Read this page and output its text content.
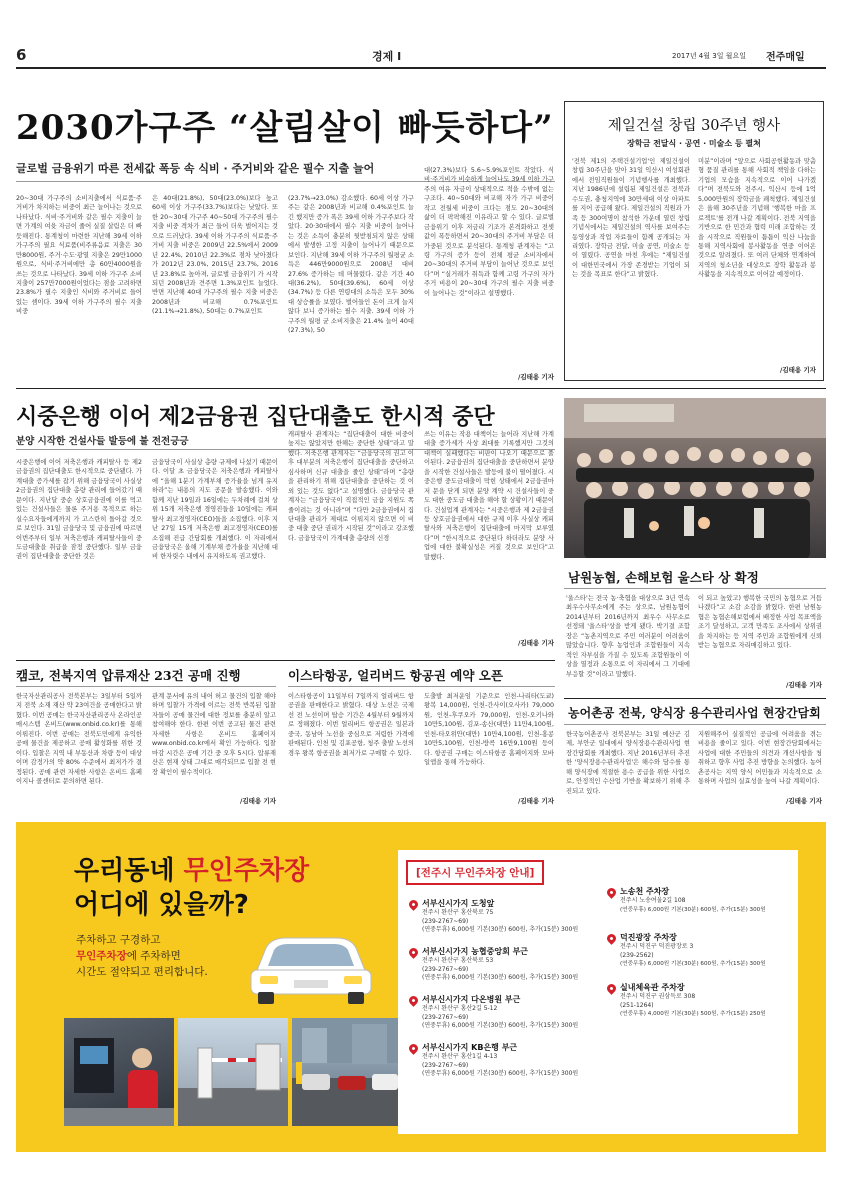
6	경제 I	2017년 4월 3일 월요일 전주매일
2030가구주 “살림살이 빠듯하다”
글로벌 금융위기 따른 전세값 폭등 속 식비 · 주거비와 같은 필수 지출 늘어
20~30대 가구주의 소비지출에서 식료품·주거비가 차지하는 비중이 최근 늘어나는 것으로 나타났다. 식비·주거비와 같은 필수 지출이 늘면 가계의 여윳 자금이 줄어 실질 살림은 더 빠듯해진다. 통계청이 마련한 지난해 39세 이하 가구주의 필요 식료품(비주류음료 지출은 30만8000원, 주거·수도·광열 지출은 29만1000원으로, 식비·주거비에만 총 60만4000원을 쓰는 것으로 나타났다. 39세 이하 가구주 소비지출이 257만7000원이었다는 점을 고려하면 23.8%가 필수 지출인 식비와 주거비로 들어 있는 셈이다. 39세 이하 가구주의 필수 지출 비중
은 40대(21.8%), 50대(23.0%)보다 높고 60세 이상 가구주(33.7%)보다는 낮았다. 또한 20~30대 가구주 40~50대 가구주의 필수 지출 비중 격차가 최근 들어 더욱 벌어지는 것으로 드러났다. 39세 이하 가구주의 식료품·주거비 지출 비중은 2009년 22.5%에서 2009년 22.4%, 2010년 22.3%로 점차 낮아졌다가 2012년 23.0%, 2015년 23.7%, 2016년 23.8%로 높아져, 글로벌 금융위기 가 시작되던 2008년과 견주면 1.3%포인트 늘었다. 반면 지난해 40대 가구주의 필수 지출 비중은 2008년과 비교해 0.7%포인트(21.1%→21.8%), 50대는 0.7%포인트
(23.7%→23.0%) 감소했다. 60세 이상 가구주는 같은 2008년과 비교해 0.4%포인트 늘긴 했지만 증가 폭은 39세 이하 가구주보다 작았다. 20·30대에서 필수 지출 비중이 늘어나는 것은 소득이 충분히 뒷받침되지 않은 상태에서 발생한 고정 지출이 늘어나기 때문으로 보인다. 지난해 39세 이하 가구주의 월평균 소득은 446만9000원으로 2008년 대비 27.6% 증가하는 데 머물렀다. 같은 기간 40대(36.2%), 50대(39.6%), 60세 이상(34.7%) 등 다른 연령대의 소득은 모두 30%대 상승률을 보였다. 벌어들인 돈이 크게 늘지 않다 보니 증가하는 필수 지출. 39세 이하 가구주의 월평 균 소비지출은 21.4% 늘어 40대(27.3%), 50
대(27.3%)보다 5.6~5.9%포인트 작았다. 식비·주거비가 비슷하게 늘어나도 39세 이하 가구주의 여유 자금이 상대적으로 적을 수밖에 없는 구조다. 40~50대와 비교해 자가 가구 비중이 작고 전월세 비중이 크다는 점도 20~30대의 삶이 더 팍팍해진 이유라고 할 수 있다. 글로벌 금융위기 이후 저금리 기조가 본격화하고 전셋값이 폭등하면서 20~30대의 주거비 부담은 더 가중된 것으로 분석된다. 통계청 관계자는 “고령 가구의 증가 등이 전체 평균 소비자에서 20~30대의 주거비 부담이 늘어난 것으로 보인다”며 “실거래가 취득과 함께 고령 가구의 자가 주거 비용이 20~30대 가구의 필수 지출 비중이 늘어나는 것”이라고 설명했다.
/김태용 기자
제일건설 창립 30주년 행사
장학금 전달식 · 공연 · 미술소 등 펼쳐
'전북 제1의 주택건설기업'인 제일건설이 창립 30주년을 맞아 31일 익산시 여성회관에서 전임직원들이 기념행사를 개최했다. 지난 1986년에 설립된 제일건설은 전북과 수도권, 충청지역에 30만세대 이상 아파트를 지어 공급해 왔다. 제일건설의 직원과 가족 등 300여명이 참석한 가운데 열린 창립 기념식에서는 제일건설의 역사를 보여주는 동영상과 작업 자료들이 함께 공개되는 자리였다. 장학금 전달, 미술 공연, 미술소 등이 열렸다. 공연을 마친 후에는 “제일건설이 대한민국에서 가장 존경받는 기업이 되는 것을 목표로 한다”고 밝혔다.
미분”이라며 “앞으로 사회공헌활동과 맞춤형 품질 관리를 통해 사회적 책임을 다하는 기업의 모습을 지속적으로 이어 나가겠다”며 전북도와 전주시, 익산시 등에 1억5,000만원의 장학금을 쾌척했다. 제일건설은 올해 30주년을 기념해 '행복한 마을 프로젝트'를 전개 나갈 계획이다. 전북 지역을 기반으로 한 민간과 협력 미래 조합하는 것을 시작으로 직원들이 틈틈이 익산 나눔을 통해 지역사회에 봉사활동을 연중 이어온 것으로 알려졌다. 또 여러 단체와 연계하여 지역의 청소년을 대상으로 장학 활동과 봉사활동을 지속적으로 이어갈 예정이다.
/김태용 기자
시중은행 이어 제2금융권 집단대출도 한시적 중단
분양 시작한 건설사들 발등에 불 전전긍긍
시중은행에 이어 저축은행과 캐피탈사 등 제2금융권의 집단대출도 한시적으로 중단됐다. 가계대출 증가세를 잡기 위해 금융당국이 사실상 2금융권의 집단대출 총량 관리에 들어갔기 때문이다. 지난달 중순 상호금융권에 이를 먹고 있는 건설사들은 물론 주거용 목적으로 하는 실수요자들에게까지 가 고스란히 돌아갈 것으로 보인다. 31일 금융당국 및 금융권에 따르면 이번주부터 일부 저축은행과 캐피탈사들이 중도금대출을 취급을 잠정 중단했다. 일부 금융권이 집단대출을 중단한 것은
금융당국이 사실상 총량 규제에 나섰기 때문이다. 이달 초 금융당국은 저축은행과 캐피탈사에 “올해 1분기 가계부채 증가율을 넘게 유지하라”는 내용의 지도 공문을 발송했다. 이와 함께 지난 19일과 16일에는 두차례에 걸쳐 상위 15개 저축은행 경영진들을 10일에는 캐피탈사 최고경영자(CEO)들을 소집했다. 이후 지난 27일 15개 저축은행 최고경영자(CEO)를 소집해 진급 간담회를 개최했다. 이 자리에서 금융당국은 올해 기계부채 증가율을 지난해 대비 한자릿수 내에서 유지하도록 권고했다.
캐피탈사 관계자는 “집단대출이 대한 비중이 높지는 않았지만 한해는 중단한 상태”라고 말했다. 저축은행 관계자는 “금융당국의 권고 이후 대부분의 저축은행이 집단대출을 중단하고 심사하며 신규 대출을 줄인 상태”라며 “총량을 관리하기 위해 집단대출을 중단하는 것 이외 있는 것도 없다”고 설명했다. 금융당국 관계자는 “금융당국이 직접적인 금융 지원도 쪽 줄이려는 것 아니라”며 “다만 2금융권에서 집단대출 관리가 제대로 이뤄지지 않으면 이 비중 대출 중단 권리가 시작된 것”이라고 강조했다. 금융당국이 가계대출 총량의 신경
쓰는 이유는 작용 대책이는 늘어라 지난해 가계대출 증가세가 사상 최대를 기록했지만 그것의 대책이 실패했다는 비판이 나오기 때문으로 풀이된다. 2금융권의 집단대출을 중단하면서 분양을 시작한 건설사들은 발등에 불이 떨어졌다. 시중은행 중도금대출이 막힌 상태에서 2금융권마저 문을 닫게 되면 분양 계약 시 건설사들이 중도 대한 중도금 대출을 해야 할 상황이기 때문이다. 건설업계 관계자는 “시중은행과 제 2금융권 등 상호금융권에서 대한 규제 이후 사실상 캐피탈사와 저축은행이 집단대출에 마지막 보루였다”며 “한시적으로 중단된다 하더라도 분양 사업에 대한 불확실성은 커질 것으로 보인다”고 말했다.
/김태용 기자
남원농협, 손해보험 울스타 상 확정
'울스타'는 전국 농·축협을 대상으로 3년 연속 최우수사무소에게 주는 상으로, 남원농협이 2014년부터 2016년까지 최우수 사무소로 선정돼 '울스타'상을 받게 됐다. 박기결 조합장은 “농촌지역으로 주민 여러분이 어려움이 많았습니다. 향후 농업인과 조합원들이 지속적인 자부심을 가질 수 있도록 조합원들이 이 상을 열정과 소통으로 이 자리에서 그 기대에 부응할 것”이라고 말했다.
이 되고 높았고) 행복한 국민의 농협으로 거듭 나겠다”고 소감 소감을 밝혔다. 한편 남원농협은 농협손해보험에서 배정한 사업 목표액을 조기 달성하고, 고객 만족도 조사에서 상위권을 차지하는 등 지역 주민과 조합원에게 신뢰받는 농협으로 자리매김하고 있다.
/김태용 기자
캠코, 전북지역 압류재산 23건 공매 진행
한국자산관리공사 전북본부는 3일부터 5일까지 전북 소재 재산 약 23여건을 공매한다고 밝혔다. 이번 공매는 한국자산관리공사 온라인공매시스템 온비드(www.onbid.co.kr)를 통해 이뤄진다. 이번 공매는 전북도민에게 유익한 공매 물건을 제공하고 공매 활성화를 위한 것이다. 입찰은 지역 내 부동산과 차량 등이 대상이며 감정가의 약 80% 수준에서 최저가가 결정된다. 공매 관련 자세한 사항은 온비드 홈페이지나 콜센터로 문의하면 된다.
관계 문서에 유의 내어 허고 물건의 입찰 해야 하며 입찰가 가격에 이르는 전북 반복된 입찰자들이 공매 물건에 대한 정보를 충분히 알고 참여해야 한다. 한편 이번 공고된 물건 관련 자세한 사항은 온비드 홈페이지 www.onbid.co.kr에서 확인 가능하다. 입찰 마감 시간은 공매 기간 중 오후 5시다. 압류재산은 현재 상태 그대로 매각되므로 입찰 전 현장 확인이 필수적이다.
/김태용 기자
이스타항공, 얼리버드 항공권 예약 오픈
이스타항공이 11일부터 7일까지 얼리버드 항공권을 판매한다고 밝혔다. 대상 노선은 국제선 전 노선이며 탑승 기간은 4월부터 9월까지로 정해졌다. 이번 얼리버드 항공권은 일본과 중국, 동남아 노선을 중심으로 저렴한 가격에 판매된다. 인천 및 김포공항, 청주 출발 노선의 경우 왕복 항공권을 최저가로 구매할 수 있다.
도출발 최저운임 기준으로 인천-나리타(도쿄) 왕복 14,000원, 인천-간사이(오사카) 79,000원, 인천-후쿠오카 79,000원, 인천-오키나와 10만5,100원, 김포-송산(대만) 11만4,100원, 인천-타오위안(대만) 10만4,100원, 인천-홍콩 10만5,100원, 인천-방콕 16만9,100원 등이다. 항공권 구매는 이스타항공 홈페이지와 모바일앱을 통해 가능하다.
/김태용 기자
농어촌공 전북, 양식장 용수관리사업 현장간담회
한국농어촌공사 전북본부는 31일 예산군 김제, 부안군 일대에서 양식장용수관리사업 현장간담회를 개최했다. 지난 2016년부터 추진한 '양식장용수관리사업'은 해수와 담수를 통해 양식장에 적절한 용수 공급을 위한 사업으로, 안정적인 수산업 기반을 확보하기 위해 추진되고 있다.
지원해주어 실질적인 공급에 어려움을 겪는 비용을 줄이고 있다. 이번 현장간담회에서는 사업에 대한 주민들의 의견과 개선사항을 청취하고 향후 사업 추진 방향을 논의했다. 농어촌공사는 지역 양식 어민들과 지속적으로 소통하며 사업의 실효성을 높여 나갈 계획이다.
/김태용 기자
우리동네 무인주차장
어디에 있을까?
주차하고 구경하고
무인주차장에 주차하면
시간도 절약되고 편리합니다.
[전주시 무인주차장 안내]
서부신시가지 도청앞
전주시 완산구 홍산북로 75
(239-2767~69)
(연중무휴) 6,000원 기본(30분) 600원, 추가(15분) 300원
서부신시가지 농협중앙회 부근
전주시 완산구 홍산북로 53
(239-2767~69)
(연중무휴) 6,000원 기본(30분) 600원, 추가(15분) 300원
서부신시가지 다온병원 부근
전주시 완산구 홍산2길 5-12
(239-2767~69)
(연중무휴) 6,000원 기본(30분) 600원, 추가(15분) 300원
서부신시가지 KB은행 부근
전주시 완산구 홍산1길 4-13
(239-2767~69)
(연중무휴) 6,000원 기본(30분) 600원, 추가(15분) 300원
노송천 주차장
전주시 노송여울2길 108
(연중무휴) 6,000원 기본(30분) 600원, 추가(15분) 300원
덕진광장 주차장
전주시 덕진구 덕진광장로 3
(239-2562)
(연중무휴) 6,000원 기본(30분) 600원, 추가(15분) 300원
실내체육관 주차장
전주시 덕진구 권삼득로 308
(251-1264)
(연중무휴) 4,000원 기본(30분) 500원, 추가(15분) 250원
